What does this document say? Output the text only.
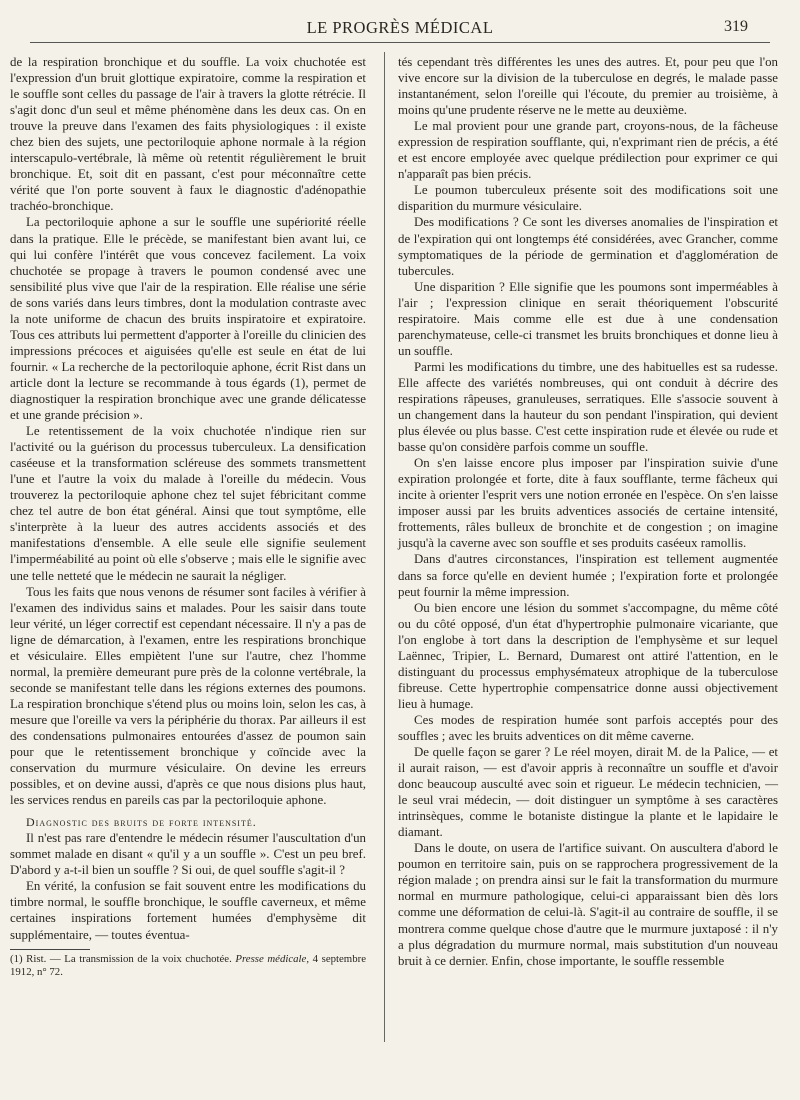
LE PROGRÈS MÉDICAL	319

de la respiration bronchique et du souffle. La voix chuchotée est l'expression d'un bruit glottique expiratoire, comme la respiration et le souffle sont celles du passage de l'air à travers la glotte rétrécie. Il s'agit donc d'un seul et même phénomène dans les deux cas. On en trouve la preuve dans l'examen des faits physiologiques : il existe chez bien des sujets, une pectoriloquie aphone normale à la région interscapulo-vertébrale, là même où retentit régulièrement le bruit bronchique. Et, soit dit en passant, c'est pour méconnaître cette vérité que l'on porte souvent à faux le diagnostic d'adénopathie trachéo-bronchique.

La pectoriloquie aphone a sur le souffle une supériorité réelle dans la pratique. Elle le précède, se manifestant bien avant lui, ce qui lui confère l'intérêt que vous concevez facilement. La voix chuchotée se propage à travers le poumon condensé avec une sensibilité plus vive que l'air de la respiration. Elle réalise une série de sons variés dans leurs timbres, dont la modulation contraste avec la note uniforme de chacun des bruits inspiratoire et expiratoire. Tous ces attributs lui permettent d'apporter à l'oreille du clinicien des impressions précoces et aiguisées qu'elle est seule en état de lui fournir. « La recherche de la pectoriloquie aphone, écrit Rist dans un article dont la lecture se recommande à tous égards (1), permet de diagnostiquer la respiration bronchique avec une grande délicatesse et une grande précision ».

Le retentissement de la voix chuchotée n'indique rien sur l'activité ou la guérison du processus tuberculeux. La densification caséeuse et la transformation scléreuse des sommets transmettent l'une et l'autre la voix du malade à l'oreille du médecin. Vous trouverez la pectoriloquie aphone chez tel sujet fébricitant comme chez tel autre de bon état général. Ainsi que tout symptôme, elle s'interprète à la lueur des autres accidents associés et des manifestations d'ensemble. A elle seule elle signifie seulement l'imperméabilité au point où elle s'observe ; mais elle le signifie avec une telle netteté que le médecin ne saurait la négliger.

Tous les faits que nous venons de résumer sont faciles à vérifier à l'examen des individus sains et malades. Pour les saisir dans toute leur vérité, un léger correctif est cependant nécessaire. Il n'y a pas de ligne de démarcation, à l'examen, entre les respirations bronchique et vésiculaire. Elles empiètent l'une sur l'autre, chez l'homme normal, la première demeurant pure près de la colonne vertébrale, la seconde se manifestant telle dans les régions externes des poumons. La respiration bronchique s'étend plus ou moins loin, selon les cas, à mesure que l'oreille va vers la périphérie du thorax. Par ailleurs il est des condensations pulmonaires entourées d'assez de poumon sain pour que le retentissement bronchique y coïncide avec la conservation du murmure vésiculaire. On devine les erreurs possibles, et on devine aussi, d'après ce que nous disions plus haut, les services rendus en pareils cas par la pectoriloquie aphone.

Diagnostic des bruits de forte intensité.

Il n'est pas rare d'entendre le médecin résumer l'auscultation d'un sommet malade en disant « qu'il y a un souffle ». C'est un peu bref. D'abord y a-t-il bien un souffle ? Si oui, de quel souffle s'agit-il ?

En vérité, la confusion se fait souvent entre les modifications du timbre normal, le souffle bronchique, le souffle caverneux, et même certaines inspirations fortement humées d'emphysème dit supplémentaire, — toutes éventua-

(1) Rist. — La transmission de la voix chuchotée. Presse médicale, 4 septembre 1912, n° 72.

tés cependant très différentes les unes des autres. Et, pour peu que l'on vive encore sur la division de la tuberculose en degrés, le malade passe instantanément, selon l'oreille qui l'écoute, du premier au troisième, à moins qu'une prudente réserve ne le mette au deuxième.

Le mal provient pour une grande part, croyons-nous, de la fâcheuse expression de respiration soufflante, qui, n'exprimant rien de précis, a été et est encore employée avec quelque prédilection pour exprimer ce qui n'apparaît pas bien précis.

Le poumon tuberculeux présente soit des modifications soit une disparition du murmure vésiculaire.

Des modifications ? Ce sont les diverses anomalies de l'inspiration et de l'expiration qui ont longtemps été considérées, avec Grancher, comme symptomatiques de la période de germination et d'agglomération de tubercules.

Une disparition ? Elle signifie que les poumons sont imperméables à l'air ; l'expression clinique en serait théoriquement l'obscurité respiratoire. Mais comme elle est due à une condensation parenchymateuse, celle-ci transmet les bruits bronchiques et donne lieu à un souffle.

Parmi les modifications du timbre, une des habituelles est sa rudesse. Elle affecte des variétés nombreuses, qui ont conduit à décrire des respirations râpeuses, granuleuses, serratiques. Elle s'associe souvent à un changement dans la hauteur du son pendant l'inspiration, qui devient plus élevée ou plus basse. C'est cette inspiration rude et élevée ou rude et basse qu'on considère parfois comme un souffle.

On s'en laisse encore plus imposer par l'inspiration suivie d'une expiration prolongée et forte, dite à faux soufflante, terme fâcheux qui incite à orienter l'esprit vers une notion erronée en l'espèce. On s'en laisse imposer aussi par les bruits adventices associés de certaine intensité, frottements, râles bulleux de bronchite et de congestion ; on imagine jusqu'à la caverne avec son souffle et ses produits caséeux ramollis.

Dans d'autres circonstances, l'inspiration est tellement augmentée dans sa force qu'elle en devient humée ; l'expiration forte et prolongée peut fournir la même impression.

Ou bien encore une lésion du sommet s'accompagne, du même côté ou du côté opposé, d'un état d'hypertrophie pulmonaire vicariante, que l'on englobe à tort dans la description de l'emphysème et sur lequel Laënnec, Tripier, L. Bernard, Dumarest ont attiré l'attention, en le distinguant du processus emphysémateux atrophique de la tuberculose fibreuse. Cette hypertrophie compensatrice donne aussi objectivement lieu à humage.

Ces modes de respiration humée sont parfois acceptés pour des souffles ; avec les bruits adventices on dit même caverne.

De quelle façon se garer ? Le réel moyen, dirait M. de la Palice, — et il aurait raison, — est d'avoir appris à reconnaître un souffle et d'avoir donc beaucoup ausculté avec soin et rigueur. Le médecin technicien, — le seul vrai médecin, — doit distinguer un symptôme à ses caractères intrinsèques, comme le botaniste distingue la plante et le lapidaire le diamant.

Dans le doute, on usera de l'artifice suivant. On auscultera d'abord le poumon en territoire sain, puis on se rapprochera progressivement de la région malade ; on prendra ainsi sur le fait la transformation du murmure normal en murmure pathologique, celui-ci apparaissant bien dès lors comme une déformation de celui-là. S'agit-il au contraire de souffle, il se montrera comme quelque chose d'autre que le murmure juxtaposé : il n'y a plus dégradation du murmure normal, mais substitution d'un nouveau bruit à ce dernier. Enfin, chose importante, le souffle ressemble
